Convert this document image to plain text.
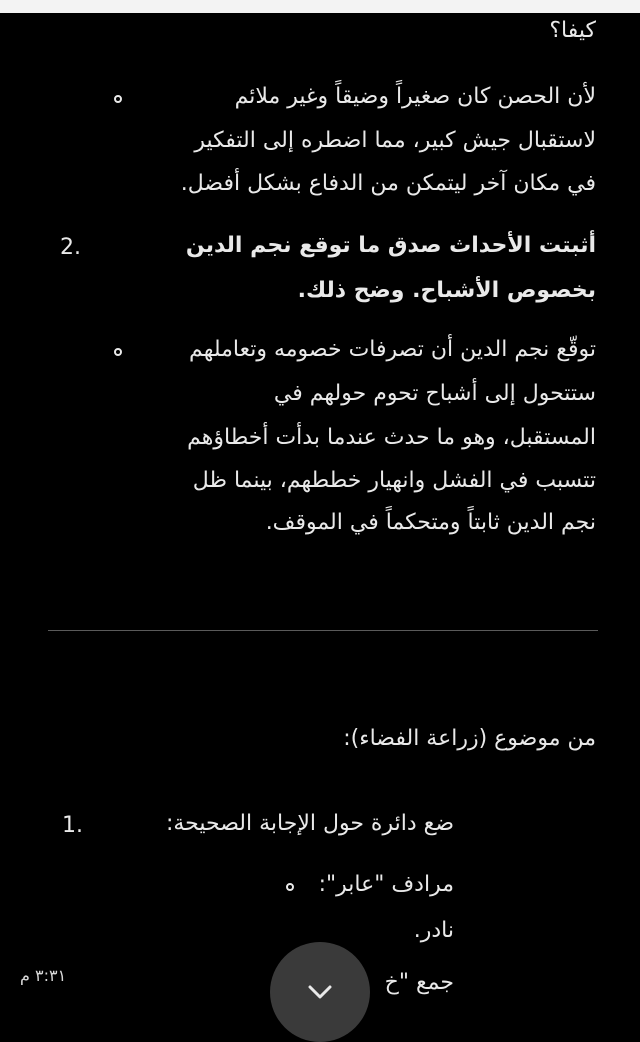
كيفا؟
لأن الحصن كان صغيراً وضيقاً وغير ملائم
لاستقبال جيش كبير، مما اضطره إلى التفكير
في مكان آخر ليتمكن من الدفاع بشكل أفضل.
2.	أثبتت الأحداث صدق ما توقع نجم الدين
بخصوص الأشباح. وضح ذلك.
توقّع نجم الدين أن تصرفات خصومه وتعاملهم
ستتحول إلى أشباح تحوم حولهم في
المستقبل، وهو ما حدث عندما بدأت أخطاؤهم
تتسبب في الفشل وانهيار خططهم، بينما ظل
نجم الدين ثابتاً ومتحكماً في الموقف.
من موضوع (زراعة الفضاء):
1.	ضع دائرة حول الإجابة الصحيحة:
مرادف "عابر":
نادر.
جمع "خ
٣:٣١ م
